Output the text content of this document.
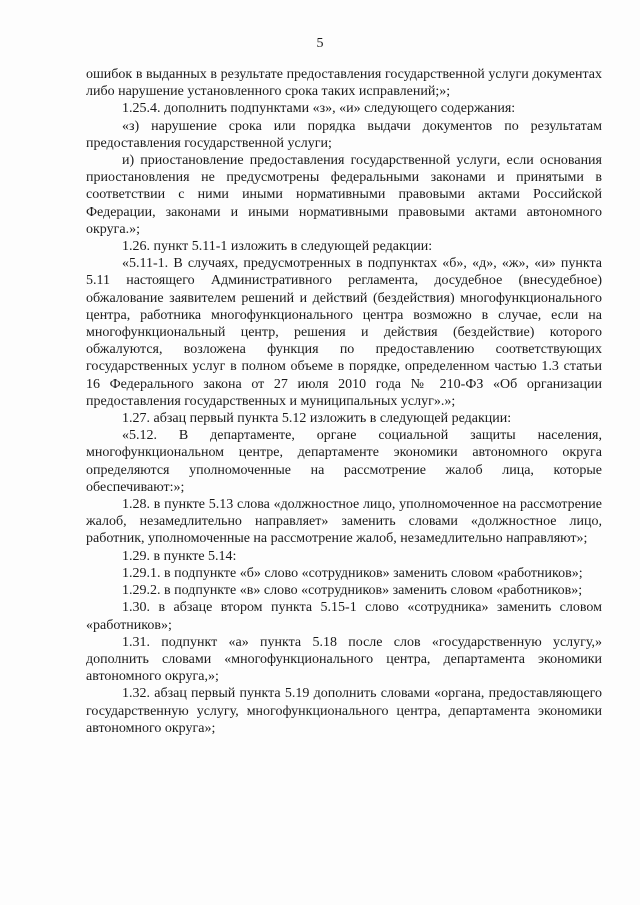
5

ошибок в выданных в результате предоставления государственной услуги документах либо нарушение установленного срока таких исправлений;»;

1.25.4. дополнить подпунктами «з», «и» следующего содержания:

«з) нарушение срока или порядка выдачи документов по результатам предоставления государственной услуги;

и) приостановление предоставления государственной услуги, если основания приостановления не предусмотрены федеральными законами и принятыми в соответствии с ними иными нормативными правовыми актами Российской Федерации, законами и иными нормативными правовыми актами автономного округа.»;

1.26. пункт 5.11-1 изложить в следующей редакции:

«5.11-1. В случаях, предусмотренных в подпунктах «б», «д», «ж», «и» пункта 5.11 настоящего Административного регламента, досудебное (внесудебное) обжалование заявителем решений и действий (бездействия) многофункционального центра, работника многофункционального центра возможно в случае, если на многофункциональный центр, решения и действия (бездействие) которого обжалуются, возложена функция по предоставлению соответствующих государственных услуг в полном объеме в порядке, определенном частью 1.3 статьи 16 Федерального закона от 27 июля 2010 года № 210-ФЗ «Об организации предоставления государственных и муниципальных услуг».»;

1.27. абзац первый пункта 5.12 изложить в следующей редакции:

«5.12. В департаменте, органе социальной защиты населения, многофункциональном центре, департаменте экономики автономного округа определяются уполномоченные на рассмотрение жалоб лица, которые обеспечивают:»;

1.28. в пункте 5.13 слова «должностное лицо, уполномоченное на рассмотрение жалоб, незамедлительно направляет» заменить словами «должностное лицо, работник, уполномоченные на рассмотрение жалоб, незамедлительно направляют»;

1.29. в пункте 5.14:

1.29.1. в подпункте «б» слово «сотрудников» заменить словом «работников»;

1.29.2. в подпункте «в» слово «сотрудников» заменить словом «работников»;

1.30. в абзаце втором пункта 5.15-1 слово «сотрудника» заменить словом «работников»;

1.31. подпункт «а» пункта 5.18 после слов «государственную услугу,» дополнить словами «многофункционального центра, департамента экономики автономного округа,»;

1.32. абзац первый пункта 5.19 дополнить словами «органа, предоставляющего государственную услугу, многофункционального центра, департамента экономики автономного округа»;
